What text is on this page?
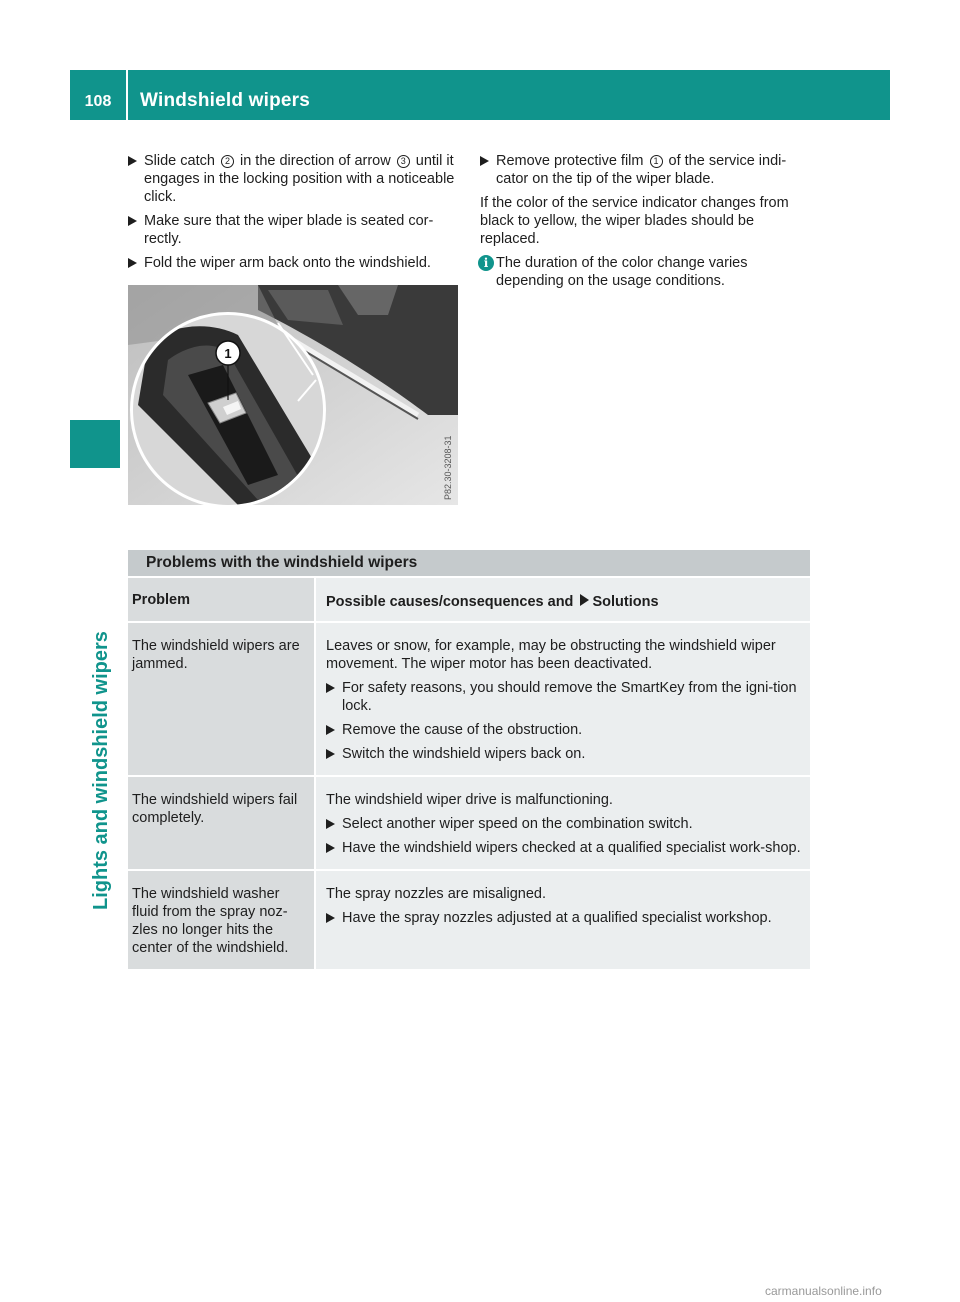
108	Windshield wipers
Lights and windshield wipers
Slide catch 2 in the direction of arrow 3 until it engages in the locking position with a noticeable click.
Make sure that the wiper blade is seated cor-rectly.
Fold the wiper arm back onto the windshield.
1
P82.30-3208-31
Remove protective film 1 of the service indi-cator on the tip of the wiper blade.
If the color of the service indicator changes from black to yellow, the wiper blades should be replaced.
i The duration of the color change varies depending on the usage conditions.
Problems with the windshield wipers
Problem	Possible causes/consequences and Solutions
The windshield wipers are jammed.
Leaves or snow, for example, may be obstructing the windshield wiper movement. The wiper motor has been deactivated.
For safety reasons, you should remove the SmartKey from the igni-tion lock.
Remove the cause of the obstruction.
Switch the windshield wipers back on.
The windshield wipers fail completely.
The windshield wiper drive is malfunctioning.
Select another wiper speed on the combination switch.
Have the windshield wipers checked at a qualified specialist work-shop.
The windshield washer fluid from the spray noz-zles no longer hits the center of the windshield.
The spray nozzles are misaligned.
Have the spray nozzles adjusted at a qualified specialist workshop.
carmanualsonline.info
